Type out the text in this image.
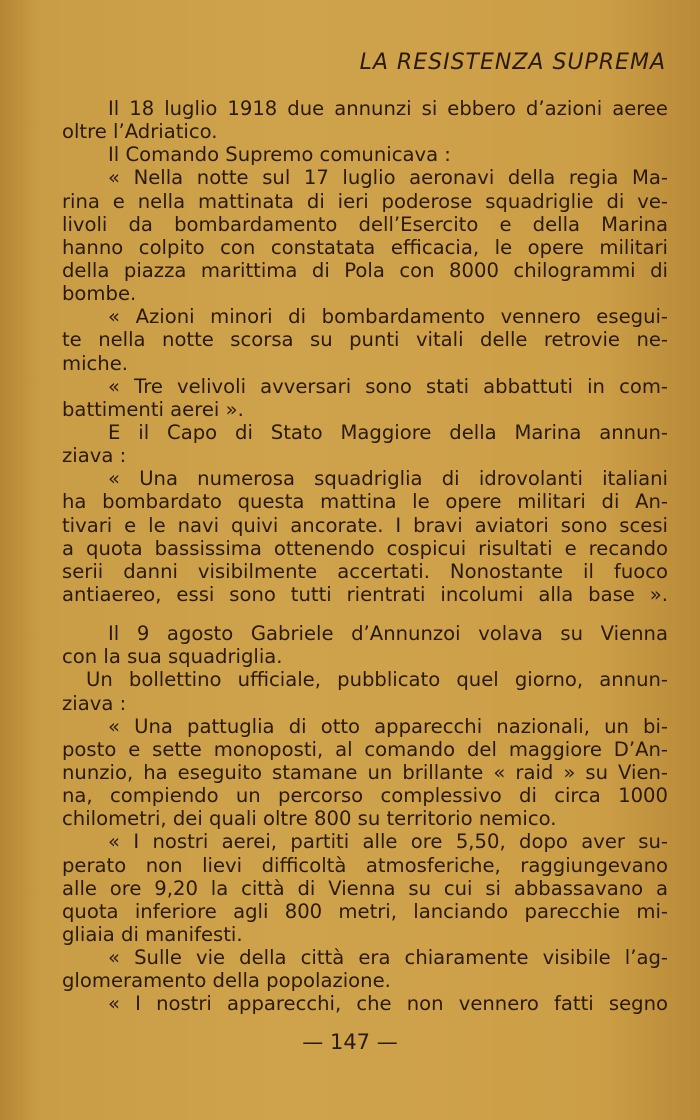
LA RESISTENZA SUPREMA
Il 18 luglio 1918 due annunzi si ebbero d’azioni aeree
oltre l’Adriatico.
Il Comando Supremo comunicava :
« Nella notte sul 17 luglio aeronavi della regia Ma-
rina e nella mattinata di ieri poderose squadriglie di ve-
livoli da bombardamento dell’Esercito e della Marina
hanno colpito con constatata efficacia, le opere militari
della piazza marittima di Pola con 8000 chilogrammi di
bombe.
« Azioni minori di bombardamento vennero esegui-
te nella notte scorsa su punti vitali delle retrovie ne-
miche.
« Tre velivoli avversari sono stati abbattuti in com-
battimenti aerei ».
E il Capo di Stato Maggiore della Marina annun-
ziava :
« Una numerosa squadriglia di idrovolanti italiani
ha bombardato questa mattina le opere militari di An-
tivari e le navi quivi ancorate. I bravi aviatori sono scesi
a quota bassissima ottenendo cospicui risultati e recando
serii danni visibilmente accertati. Nonostante il fuoco
antiaereo, essi sono tutti rientrati incolumi alla base ».
Il 9 agosto Gabriele d’Annunzoi volava su Vienna
con la sua squadriglia.
Un bollettino ufficiale, pubblicato quel giorno, annun-
ziava :
« Una pattuglia di otto apparecchi nazionali, un bi-
posto e sette monoposti, al comando del maggiore D’An-
nunzio, ha eseguito stamane un brillante « raid » su Vien-
na, compiendo un percorso complessivo di circa 1000
chilometri, dei quali oltre 800 su territorio nemico.
« I nostri aerei, partiti alle ore 5,50, dopo aver su-
perato non lievi difficoltà atmosferiche, raggiungevano
alle ore 9,20 la città di Vienna su cui si abbassavano a
quota inferiore agli 800 metri, lanciando parecchie mi-
gliaia di manifesti.
« Sulle vie della città era chiaramente visibile l’ag-
glomeramento della popolazione.
« I nostri apparecchi, che non vennero fatti segno
— 147 —
